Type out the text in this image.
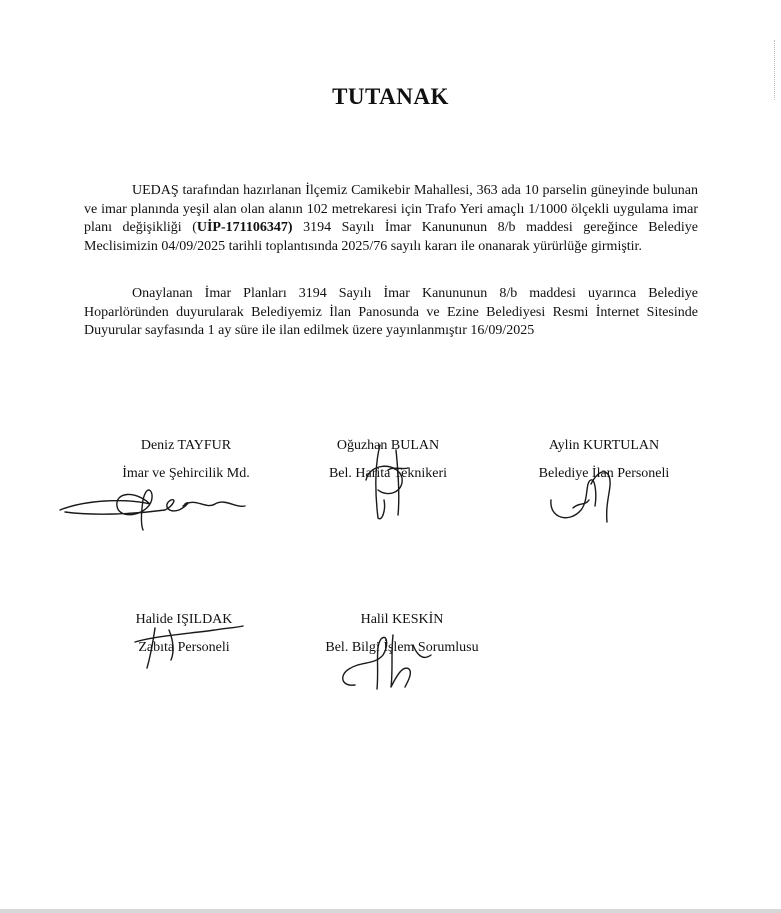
TUTANAK

UEDAŞ tarafından hazırlanan İlçemiz Camikebir Mahallesi, 363 ada 10 parselin güneyinde bulunan ve imar planında yeşil alan olan alanın 102 metrekaresi için Trafo Yeri amaçlı 1/1000 ölçekli uygulama imar planı değişikliği (UİP-171106347) 3194 Sayılı İmar Kanununun 8/b maddesi gereğince Belediye Meclisimizin 04/09/2025 tarihli toplantısında 2025/76 sayılı kararı ile onanarak yürürlüğe girmiştir.

Onaylanan İmar Planları 3194 Sayılı İmar Kanununun 8/b maddesi uyarınca Belediye Hoparlöründen duyurularak Belediyemiz İlan Panosunda ve Ezine Belediyesi Resmi İnternet Sitesinde Duyurular sayfasında 1 ay süre ile ilan edilmek üzere yayınlanmıştır 16/09/2025

Deniz TAYFUR
İmar ve Şehircilik Md.
Oğuzhan BULAN
Bel. Harita Teknikeri
Aylin KURTULAN
Belediye İlan Personeli
Halide IŞILDAK
Zabıta Personeli
Halil KESKİN
Bel. Bilgi İşlem Sorumlusu
